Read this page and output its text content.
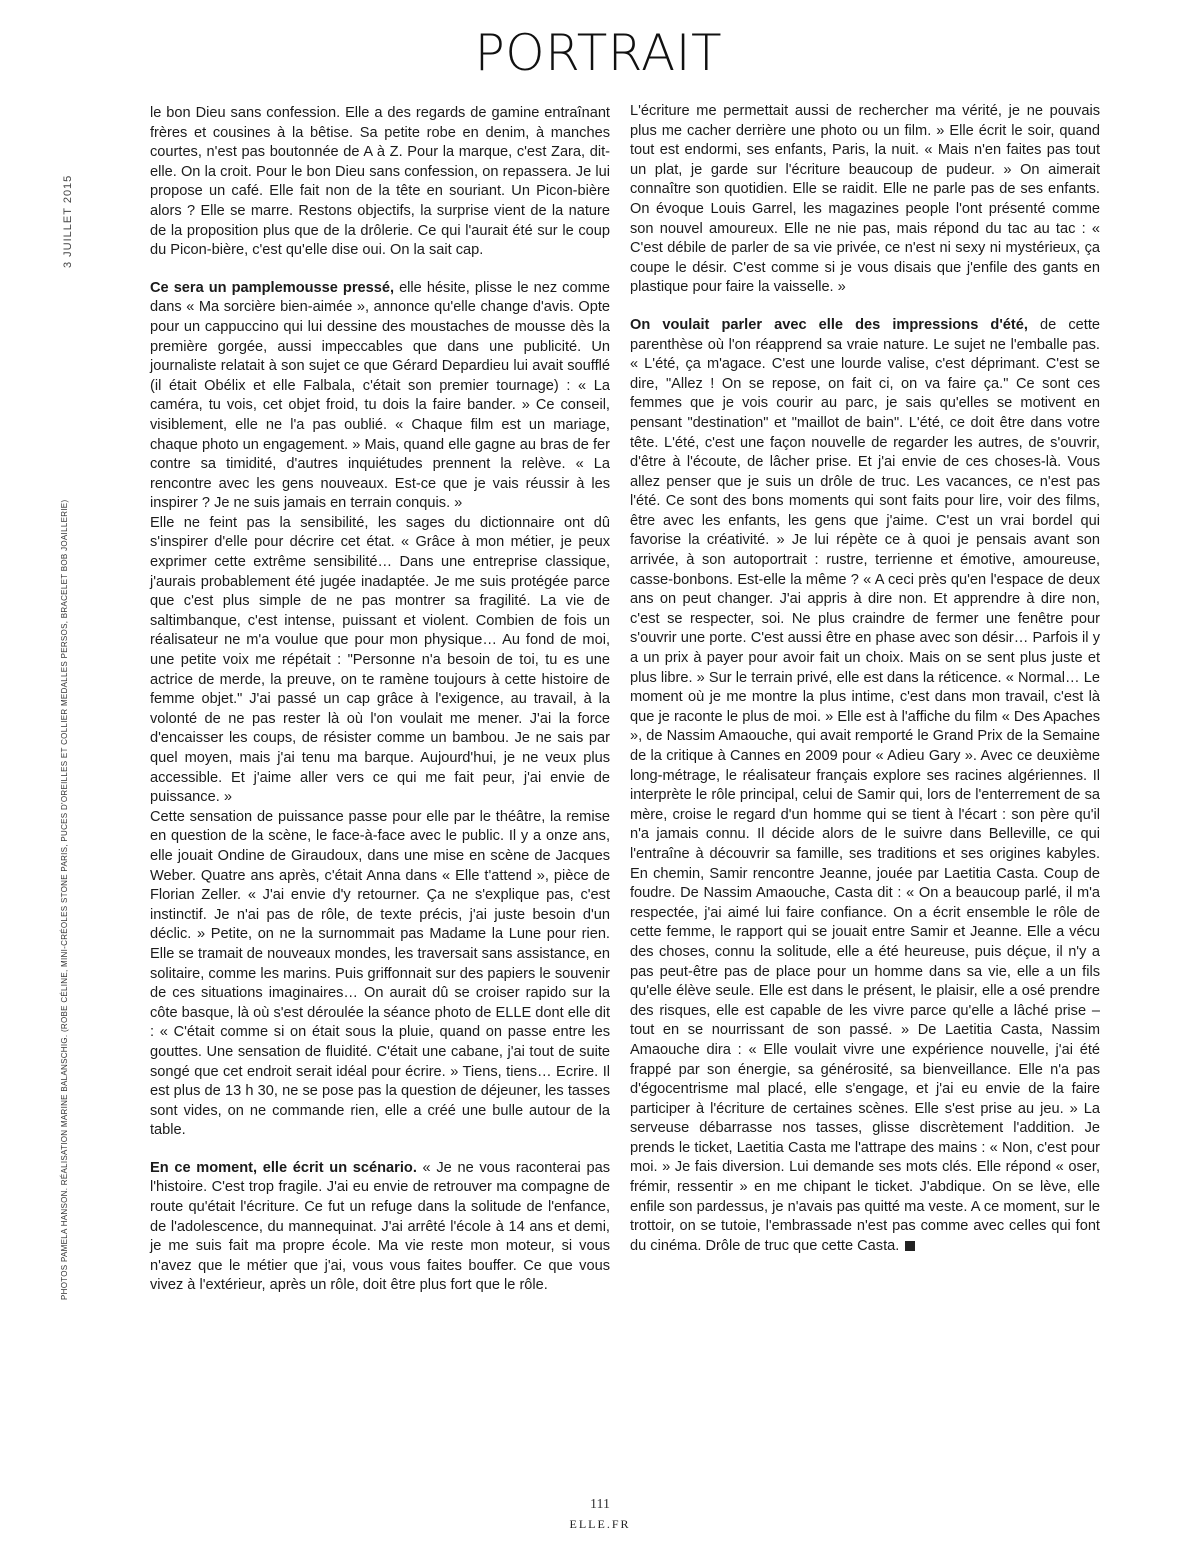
PORTRAIT
3 JUILLET 2015
PHOTOS PAMELA HANSON. RÉALISATION MARINE BALANSCHIG. (ROBE CÉLINE, MINI-CRÉOLES STONE PARIS, PUCES D'OREILLES ET COLLIER MEDALLES PERSOS, BRACELET BOB JOAILLERIE)

le bon Dieu sans confession. Elle a des regards de gamine entraînant frères et cousines à la bêtise. Sa petite robe en denim, à manches courtes, n'est pas boutonnée de A à Z. Pour la marque, c'est Zara, dit-elle. On la croit. Pour le bon Dieu sans confession, on repassera. Je lui propose un café. Elle fait non de la tête en souriant. Un Picon-bière alors ? Elle se marre. Restons objectifs, la surprise vient de la nature de la proposition plus que de la drôlerie. Ce qui l'aurait été sur le coup du Picon-bière, c'est qu'elle dise oui. On la sait cap.

Ce sera un pamplemousse pressé, elle hésite, plisse le nez comme dans « Ma sorcière bien-aimée », annonce qu'elle change d'avis. Opte pour un cappuccino qui lui dessine des moustaches de mousse dès la première gorgée, aussi impeccables que dans une publicité. Un journaliste relatait à son sujet ce que Gérard Depardieu lui avait soufflé (il était Obélix et elle Falbala, c'était son premier tournage) : « La caméra, tu vois, cet objet froid, tu dois la faire bander. » Ce conseil, visiblement, elle ne l'a pas oublié. « Chaque film est un mariage, chaque photo un engagement. » Mais, quand elle gagne au bras de fer contre sa timidité, d'autres inquiétudes prennent la relève. « La rencontre avec les gens nouveaux. Est-ce que je vais réussir à les inspirer ? Je ne suis jamais en terrain conquis. »

Elle ne feint pas la sensibilité, les sages du dictionnaire ont dû s'inspirer d'elle pour décrire cet état. « Grâce à mon métier, je peux exprimer cette extrême sensibilité… Dans une entreprise classique, j'aurais probablement été jugée inadaptée. Je me suis protégée parce que c'est plus simple de ne pas montrer sa fragilité. La vie de saltimbanque, c'est intense, puissant et violent. Combien de fois un réalisateur ne m'a voulue que pour mon physique… Au fond de moi, une petite voix me répétait : "Personne n'a besoin de toi, tu es une actrice de merde, la preuve, on te ramène toujours à cette histoire de femme objet." J'ai passé un cap grâce à l'exigence, au travail, à la volonté de ne pas rester là où l'on voulait me mener. J'ai la force d'encaisser les coups, de résister comme un bambou. Je ne sais par quel moyen, mais j'ai tenu ma barque. Aujourd'hui, je ne veux plus accessible. Et j'aime aller vers ce qui me fait peur, j'ai envie de puissance. »

Cette sensation de puissance passe pour elle par le théâtre, la remise en question de la scène, le face-à-face avec le public. Il y a onze ans, elle jouait Ondine de Giraudoux, dans une mise en scène de Jacques Weber. Quatre ans après, c'était Anna dans « Elle t'attend », pièce de Florian Zeller. « J'ai envie d'y retourner. Ça ne s'explique pas, c'est instinctif. Je n'ai pas de rôle, de texte précis, j'ai juste besoin d'un déclic. » Petite, on ne la surnommait pas Madame la Lune pour rien. Elle se tramait de nouveaux mondes, les traversait sans assistance, en solitaire, comme les marins. Puis griffonnait sur des papiers le souvenir de ces situations imaginaires… On aurait dû se croiser rapido sur la côte basque, là où s'est déroulée la séance photo de ELLE dont elle dit : « C'était comme si on était sous la pluie, quand on passe entre les gouttes. Une sensation de fluidité. C'était une cabane, j'ai tout de suite songé que cet endroit serait idéal pour écrire. » Tiens, tiens… Ecrire. Il est plus de 13 h 30, ne se pose pas la question de déjeuner, les tasses sont vides, on ne commande rien, elle a créé une bulle autour de la table.

En ce moment, elle écrit un scénario. « Je ne vous raconterai pas l'histoire. C'est trop fragile. J'ai eu envie de retrouver ma compagne de route qu'était l'écriture. Ce fut un refuge dans la solitude de l'enfance, de l'adolescence, du mannequinat. J'ai arrêté l'école à 14 ans et demi, je me suis fait ma propre école. Ma vie reste mon moteur, si vous n'avez que le métier que j'ai, vous vous faites bouffer. Ce que vous vivez à l'extérieur, après un rôle, doit être plus fort que le rôle.

L'écriture me permettait aussi de rechercher ma vérité, je ne pouvais plus me cacher derrière une photo ou un film. » Elle écrit le soir, quand tout est endormi, ses enfants, Paris, la nuit. « Mais n'en faites pas tout un plat, je garde sur l'écriture beaucoup de pudeur. » On aimerait connaître son quotidien. Elle se raidit. Elle ne parle pas de ses enfants. On évoque Louis Garrel, les magazines people l'ont présenté comme son nouvel amoureux. Elle ne nie pas, mais répond du tac au tac : « C'est débile de parler de sa vie privée, ce n'est ni sexy ni mystérieux, ça coupe le désir. C'est comme si je vous disais que j'enfile des gants en plastique pour faire la vaisselle. »

On voulait parler avec elle des impressions d'été, de cette parenthèse où l'on réapprend sa vraie nature. Le sujet ne l'emballe pas. « L'été, ça m'agace. C'est une lourde valise, c'est déprimant. C'est se dire, "Allez ! On se repose, on fait ci, on va faire ça." Ce sont ces femmes que je vois courir au parc, je sais qu'elles se motivent en pensant "destination" et "maillot de bain". L'été, ce doit être dans votre tête. L'été, c'est une façon nouvelle de regarder les autres, de s'ouvrir, d'être à l'écoute, de lâcher prise. Et j'ai envie de ces choses-là. Vous allez penser que je suis un drôle de truc. Les vacances, ce n'est pas l'été. Ce sont des bons moments qui sont faits pour lire, voir des films, être avec les enfants, les gens que j'aime. C'est un vrai bordel qui favorise la créativité. » Je lui répète ce à quoi je pensais avant son arrivée, à son autoportrait : rustre, terrienne et émotive, amoureuse, casse-bonbons. Est-elle la même ? « A ceci près qu'en l'espace de deux ans on peut changer. J'ai appris à dire non. Et apprendre à dire non, c'est se respecter, soi. Ne plus craindre de fermer une fenêtre pour s'ouvrir une porte. C'est aussi être en phase avec son désir… Parfois il y a un prix à payer pour avoir fait un choix. Mais on se sent plus juste et plus libre. » Sur le terrain privé, elle est dans la réticence. « Normal… Le moment où je me montre la plus intime, c'est dans mon travail, c'est là que je raconte le plus de moi. » Elle est à l'affiche du film « Des Apaches », de Nassim Amaouche, qui avait remporté le Grand Prix de la Semaine de la critique à Cannes en 2009 pour « Adieu Gary ». Avec ce deuxième long-métrage, le réalisateur français explore ses racines algériennes. Il interprète le rôle principal, celui de Samir qui, lors de l'enterrement de sa mère, croise le regard d'un homme qui se tient à l'écart : son père qu'il n'a jamais connu. Il décide alors de le suivre dans Belleville, ce qui l'entraîne à découvrir sa famille, ses traditions et ses origines kabyles. En chemin, Samir rencontre Jeanne, jouée par Laetitia Casta. Coup de foudre. De Nassim Amaouche, Casta dit : « On a beaucoup parlé, il m'a respectée, j'ai aimé lui faire confiance. On a écrit ensemble le rôle de cette femme, le rapport qui se jouait entre Samir et Jeanne. Elle a vécu des choses, connu la solitude, elle a été heureuse, puis déçue, il n'y a pas peut-être pas de place pour un homme dans sa vie, elle a un fils qu'elle élève seule. Elle est dans le présent, le plaisir, elle a osé prendre des risques, elle est capable de les vivre parce qu'elle a lâché prise – tout en se nourrissant de son passé. » De Laetitia Casta, Nassim Amaouche dira : « Elle voulait vivre une expérience nouvelle, j'ai été frappé par son énergie, sa générosité, sa bienveillance. Elle n'a pas d'égocentrisme mal placé, elle s'engage, et j'ai eu envie de la faire participer à l'écriture de certaines scènes. Elle s'est prise au jeu. » La serveuse débarrasse nos tasses, glisse discrètement l'addition. Je prends le ticket, Laetitia Casta me l'attrape des mains : « Non, c'est pour moi. » Je fais diversion. Lui demande ses mots clés. Elle répond « oser, frémir, ressentir » en me chipant le ticket. J'abdique. On se lève, elle enfile son pardessus, je n'avais pas quitté ma veste. A ce moment, sur le trottoir, on se tutoie, l'embrassade n'est pas comme avec celles qui font du cinéma. Drôle de truc que cette Casta.

111
ELLE.FR
